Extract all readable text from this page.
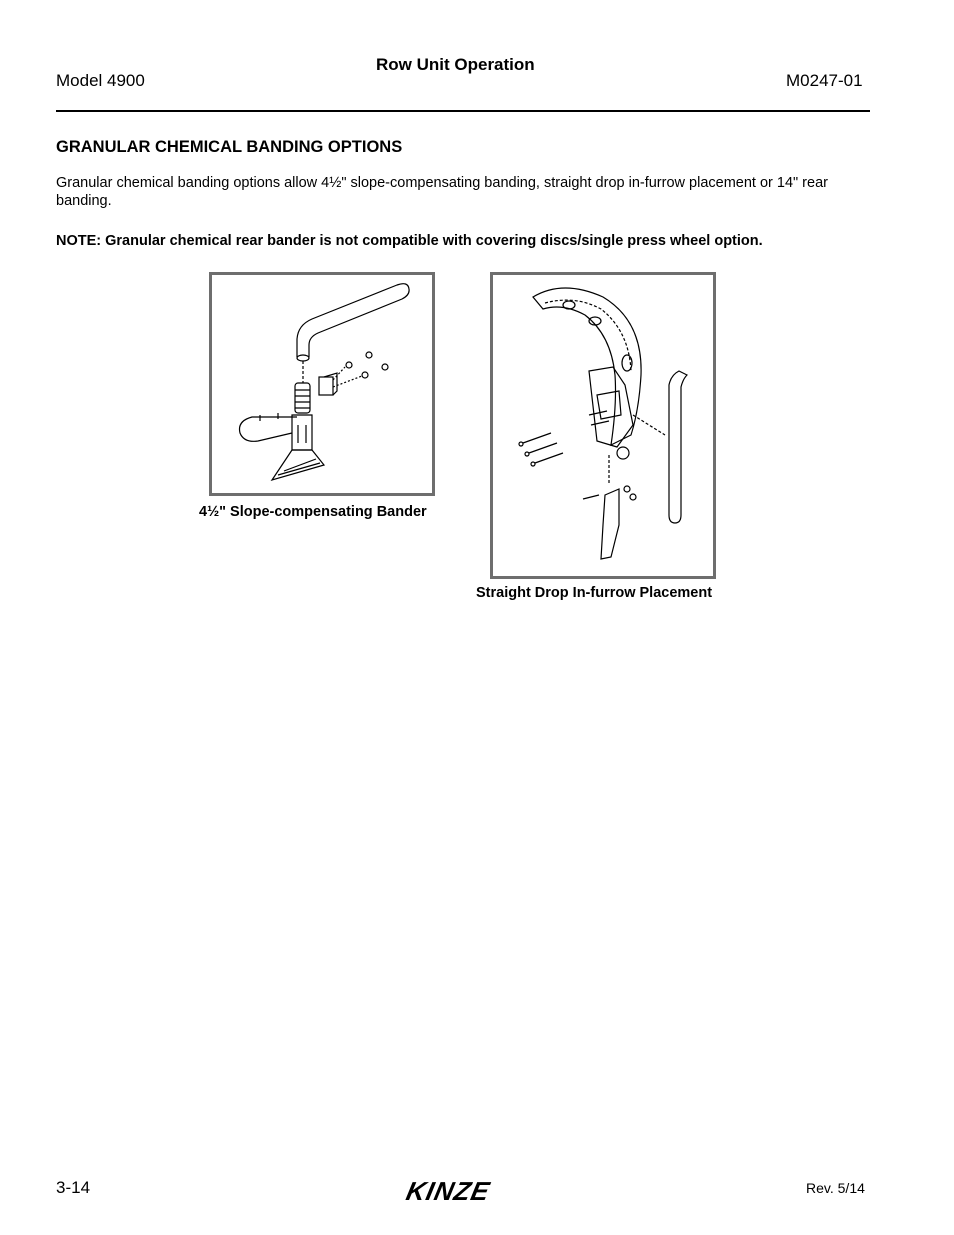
Model 4900
Row Unit Operation
M0247-01
GRANULAR CHEMICAL BANDING OPTIONS
Granular chemical banding options allow 4½" slope-compensating banding, straight drop in-furrow placement or 14" rear banding.
NOTE: Granular chemical rear bander is not compatible with covering discs/single press wheel option.
4½" Slope-compensating Bander
Straight Drop In-furrow Placement
3-14	KINZE	Rev. 5/14
